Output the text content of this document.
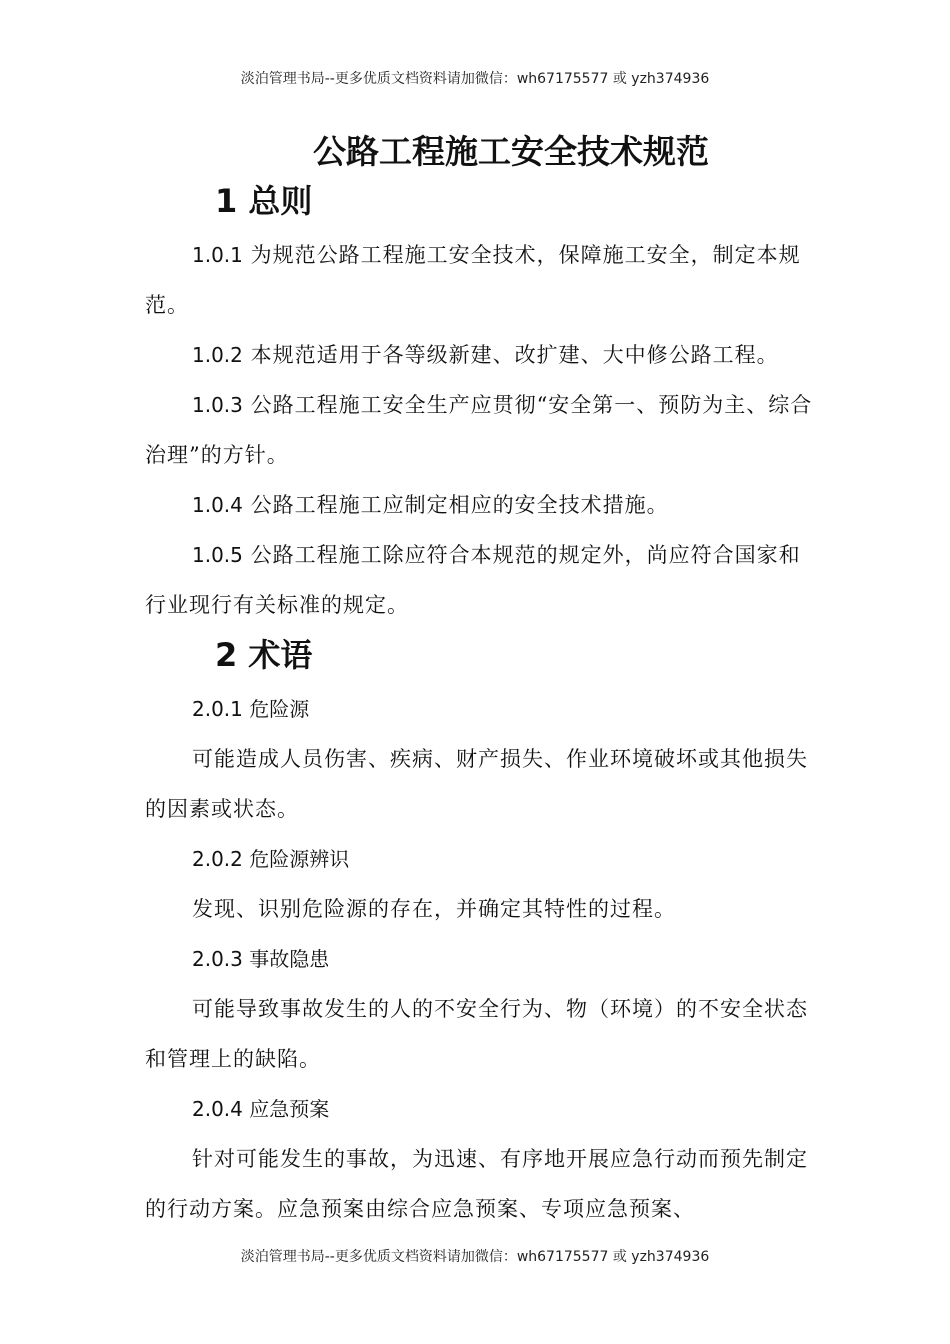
淡泊管理书局--更多优质文档资料请加微信：wh67175577 或 yzh374936
公路工程施工安全技术规范
1 总则

1.0.1 为规范公路工程施工安全技术，保障施工安全，制定本规范。

1.0.2 本规范适用于各等级新建、改扩建、大中修公路工程。

1.0.3 公路工程施工安全生产应贯彻“安全第一、预防为主、综合治理”的方针。

1.0.4 公路工程施工应制定相应的安全技术措施。

1.0.5 公路工程施工除应符合本规范的规定外，尚应符合国家和行业现行有关标准的规定。

2 术语

2.0.1 危险源

可能造成人员伤害、疾病、财产损失、作业环境破坏或其他损失的因素或状态。

2.0.2 危险源辨识

发现、识别危险源的存在，并确定其特性的过程。

2.0.3 事故隐患

可能导致事故发生的人的不安全行为、物（环境）的不安全状态和管理上的缺陷。

2.0.4 应急预案

针对可能发生的事故，为迅速、有序地开展应急行动而预先制定的行动方案。应急预案由综合应急预案、专项应急预案、

淡泊管理书局--更多优质文档资料请加微信：wh67175577 或 yzh374936
